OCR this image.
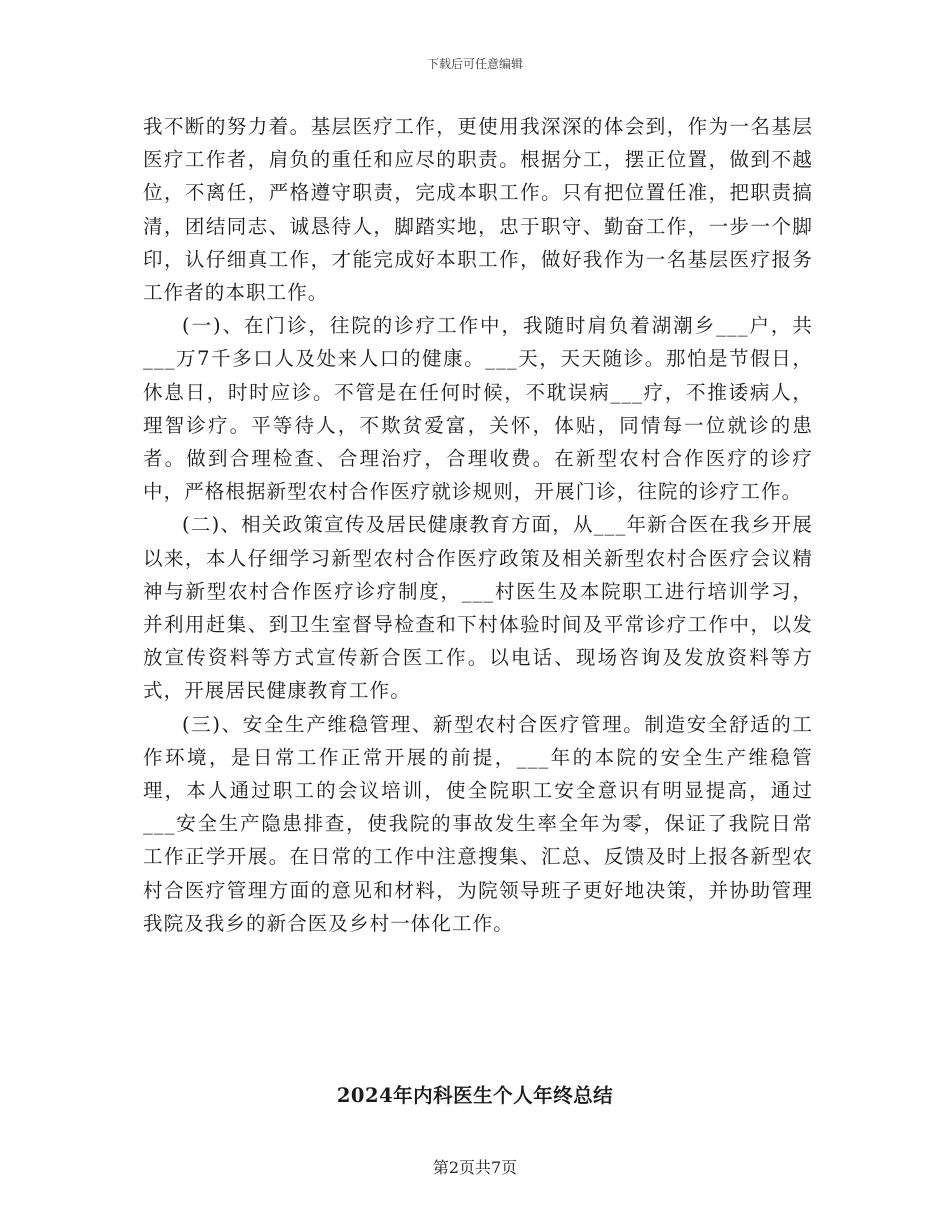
下载后可任意编辑

我不断的努力着。基层医疗工作，更使用我深深的体会到，作为一名基层医疗工作者，肩负的重任和应尽的职责。根据分工，摆正位置，做到不越位，不离任，严格遵守职责，完成本职工作。只有把位置任准，把职责搞清，团结同志、诚恳待人，脚踏实地，忠于职守、勤奋工作，一步一个脚印，认仔细真工作，才能完成好本职工作，做好我作为一名基层医疗报务工作者的本职工作。

(一)、在门诊，往院的诊疗工作中，我随时肩负着湖潮乡___户，共___万7千多口人及处来人口的健康。___天，天天随诊。那怕是节假日，休息日，时时应诊。不管是在任何时候，不耽误病___疗，不推诿病人，理智诊疗。平等待人，不欺贫爱富，关怀，体贴，同情每一位就诊的患者。做到合理检查、合理治疗，合理收费。在新型农村合作医疗的诊疗中，严格根据新型农村合作医疗就诊规则，开展门诊，往院的诊疗工作。

(二)、相关政策宣传及居民健康教育方面，从___年新合医在我乡开展以来，本人仔细学习新型农村合作医疗政策及相关新型农村合医疗会议精神与新型农村合作医疗诊疗制度，___村医生及本院职工进行培训学习，并利用赶集、到卫生室督导检查和下村体验时间及平常诊疗工作中，以发放宣传资料等方式宣传新合医工作。以电话、现场咨询及发放资料等方式，开展居民健康教育工作。

(三)、安全生产维稳管理、新型农村合医疗管理。制造安全舒适的工作环境，是日常工作正常开展的前提，___年的本院的安全生产维稳管理，本人通过职工的会议培训，使全院职工安全意识有明显提高，通过___安全生产隐患排查，使我院的事故发生率全年为零，保证了我院日常工作正学开展。在日常的工作中注意搜集、汇总、反馈及时上报各新型农村合医疗管理方面的意见和材料，为院领导班子更好地决策，并协助管理我院及我乡的新合医及乡村一体化工作。

2024年内科医生个人年终总结
第2页共7页
